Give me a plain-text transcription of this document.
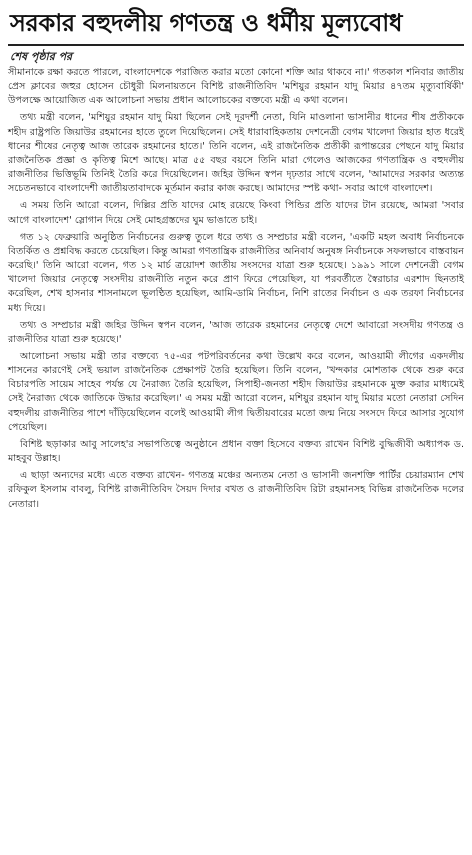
সরকার বহুদলীয় গণতন্ত্র ও ধর্মীয় মূল্যবোধ
শেষ পৃষ্ঠার পর

সীমানাকে রক্ষা করতে পারলে, বাংলাদেশকে পরাজিত করার মতো কোনো শক্তি আর থাকবে না।' গতকাল শনিবার জাতীয় প্রেস ক্লাবের জহুর হোসেন চৌধুরী মিলনায়তনে বিশিষ্ট রাজনীতিবিদ 'মশিয়ুর রহমান যাদু মিয়ার ৪৭তম মৃত্যুবার্ষিকী' উপলক্ষে আয়োজিত এক আলোচনা সভায় প্রধান আলোচকের বক্তব্যে মন্ত্রী এ কথা বলেন।

তথ্য মন্ত্রী বলেন, 'মশিয়ুর রহমান যাদু মিয়া ছিলেন সেই দূরদর্শী নেতা, যিনি মাওলানা ভাসানীর ধানের শীষ প্রতীককে শহীদ রাষ্ট্রপতি জিয়াউর রহমানের হাতে তুলে দিয়েছিলেন। সেই ধারাবাহিকতায় দেশনেত্রী বেগম খালেদা জিয়ার হাত ধরেই ধানের শীষের নেতৃত্ব আজ তারেক রহমানের হাতে।' তিনি বলেন, এই রাজনৈতিক প্রতীকী রূপান্তরের পেছনে যাদু মিয়ার রাজনৈতিক প্রজ্ঞা ও কৃতিত্ব মিশে আছে। মাত্র ৫৫ বছর বয়সে তিনি মারা গেলেও আজকের গণতান্ত্রিক ও বহুদলীয় রাজনীতির ভিত্তিভূমি তিনিই তৈরি করে দিয়েছিলেন। জহির উদ্দিন স্বপন দৃঢ়তার সাথে বলেন, 'আমাদের সরকার অত্যন্ত সচেতনভাবে বাংলাদেশী জাতীয়তাবাদকে মূর্তমান করার কাজ করছে। আমাদের স্পষ্ট কথা- সবার আগে বাংলাদেশ।

এ সময় তিনি আরো বলেন, দিল্লির প্রতি যাদের মোহ রয়েছে কিংবা পিন্ডির প্রতি যাদের টান রয়েছে, আমরা 'সবার আগে বাংলাদেশ' স্লোগান দিয়ে সেই মোহগ্রস্তদের ঘুম ভাঙাতে চাই।

গত ১২ ফেব্রুয়ারি অনুষ্ঠিত নির্বাচনের গুরুত্ব তুলে ধরে তথ্য ও সম্প্রচার মন্ত্রী বলেন, 'একটি মহল অবাধ নির্বাচনকে বিতর্কিত ও প্রশ্নবিদ্ধ করতে চেয়েছিল। কিন্তু আমরা গণতান্ত্রিক রাজনীতির অনিবার্য অনুষঙ্গ নির্বাচনকে সফলভাবে বাস্তবায়ন করেছি।' তিনি আরো বলেন, গত ১২ মার্চ ত্রয়োদশ জাতীয় সংসদের যাত্রা শুরু হয়েছে। ১৯৯১ সালে দেশনেত্রী বেগম খালেদা জিয়ার নেতৃত্বে সংসদীয় রাজনীতি নতুন করে প্রাণ ফিরে পেয়েছিল, যা পরবর্তীতে স্বৈরাচার এরশাদ ছিনতাই করেছিল, শেখ হাসনার শাসনামলে ভূলণ্ঠিত হয়েছিল, আমি-ডামি নির্বাচন, নিশি রাতের নির্বাচন ও এক তরফা নির্বাচনের মধ্য দিয়ে।

তথ্য ও সম্প্রচার মন্ত্রী জহির উদ্দিন স্বপন বলেন, 'আজ তারেক রহমানের নেতৃত্বে দেশে আবারো সংসদীয় গণতন্ত্র ও রাজনীতির যাত্রা শুরু হয়েছে।'

আলোচনা সভায় মন্ত্রী তার বক্তব্যে ৭৫-এর পটপরিবর্তনের কথা উল্লেখ করে বলেন, আওয়ামী লীগের একদলীয় শাসনের কারণেই সেই ভয়াল রাজনৈতিক প্রেক্ষাপট তৈরি হয়েছিল। তিনি বলেন, 'খন্দকার মোশতাক থেকে শুরু করে বিচারপতি সায়েম সাহেব পর্যন্ত যে নৈরাজ্য তৈরি হয়েছিল, সিপাহী-জনতা শহীদ জিয়াউর রহমানকে মুক্ত করার মাধ্যমেই সেই নৈরাজ্য থেকে জাতিকে উদ্ধার করেছিল।' এ সময় মন্ত্রী আরো বলেন, মশিয়ুর রহমান যাদু মিয়ার মতো নেতারা সেদিন বহুদলীয় রাজনীতির পাশে দাঁড়িয়েছিলেন বলেই আওয়ামী লীগ দ্বিতীয়বারের মতো জন্ম নিয়ে সংসদে ফিরে আসার সুযোগ পেয়েছিল।

বিশিষ্ট ছড়াকার আবু সালেহ'র সভাপতিত্বে অনুষ্ঠানে প্রধান বক্তা হিসেবে বক্তব্য রাখেন বিশিষ্ট বুদ্ধিজীবী অধ্যাপক ড. মাহবুব উল্লাহ।

এ ছাড়া অন্যদের মধ্যে এতে বক্তব্য রাখেন- গণতন্ত্র মঞ্চের অন্যতম নেতা ও ভাসানী জনশক্তি পার্টির চেয়ারম্যান শেখ রফিকুল ইসলাম বাবলু, বিশিষ্ট রাজনীতিবিদ সৈয়দ দিদার বখত ও রাজনীতিবিদ রিটা রহমানসহ বিভিন্ন রাজনৈতিক দলের নেতারা।
